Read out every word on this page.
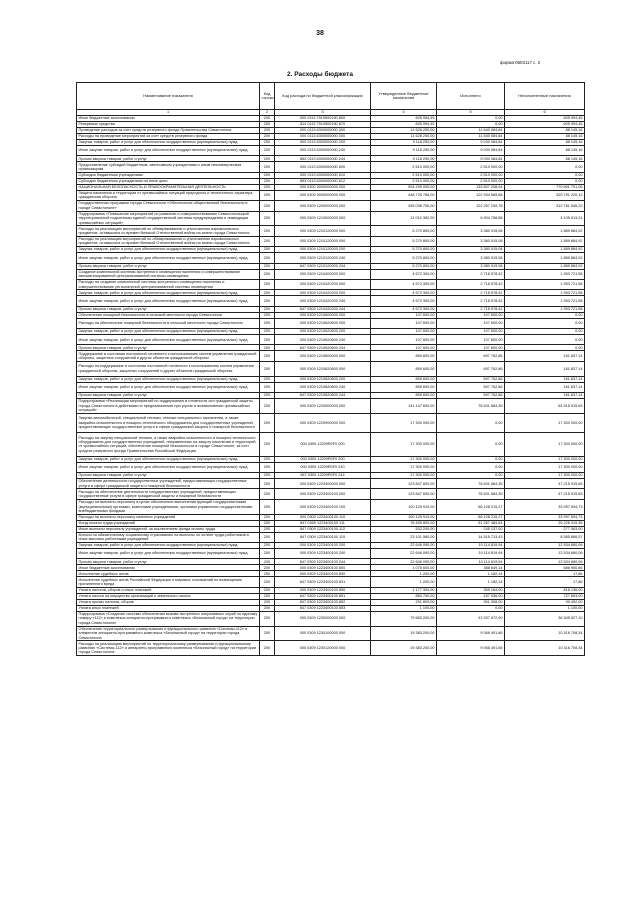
38
форма 0503117 с. 2
2. Расходы бюджета
Наименование показателя	Код строки	Код расхода по бюджетной классификации	Утвержденные бюджетные назначения	Исполнено	Неисполненные назначения
1	2	3	4	5	6
Иные бюджетные ассигнования	200	000 0113 7919500190 800	605 994,45	0,00	605 994,45
Резервные средства	200	814 0113 7919500190 870	605 994,45	0,00	605 994,45
Проведение расходов за счет средств резервного фонда Правительства Севастополя	200	000 0113 6300000000 000	11 628 250,00	11 540 084,84	88 145,16
Расходы на проведение мероприятий за счет средств резервного фонда	200	000 0113 6300000000 000	11 628 250,00	11 540 084,84	88 145,16
Закупка товаров, работ и услуг для обеспечения государственных (муниципальных) нужд	200	000 0113 6300000000 200	9 118 250,00	9 030 084,84	88 145,16
Иные закупки товаров, работ и услуг для обеспечения государственных (муниципальных) нужд	200	000 0113 6300000000 240	9 118 250,00	9 030 084,84	88 145,16
Прочая закупка товаров, работ и услуг	200	852 0113 6300000000 244	9 118 250,00	9 030 084,84	88 145,16
Предоставление субсидий бюджетным, автономным учреждениям и иным некоммерческим организациям	200	000 0113 6300000000 600	2 510 000,00	2 510 000,00	0,00
Субсидии бюджетным учреждениям	200	000 0113 6300000000 610	2 510 000,00	2 510 000,00	0,00
Субсидии бюджетным учреждениям на иные цели	200	853 0113 6300000000 612	2 510 000,00	2 510 000,00	0,00
НАЦИОНАЛЬНАЯ БЕЗОПАСНОСТЬ И ПРАВООХРАНИТЕЛЬНАЯ ДЕЯТЕЛЬНОСТЬ	200	000 0300 0000000000 000	904 299 000,00	133 607 208,94	770 691 791,06
Защита населения и территории от чрезвычайных ситуаций природного и техногенного характера, гражданская оборона	200	000 0309 0000000000 000	448 725 786,00	122 934 565,88	325 791 220,12
Государственная программа города Севастополя «Обеспечение общественной безопасности в городе Севастополе»	200	000 0309 1200000000 000	435 038 706,00	122 257 159,78	312 781 546,22
Подпрограмма «Повышение мероприятий по развитию и совершенствованию Севастопольской территориальной подсистемы единой государственной системы предупреждения и ликвидации чрезвычайных ситуаций»	200	000 0309 1210000000 000	11 010 382,00	6 904 788,88	4 105 613,01
Расходы на реализацию мероприятий по обезвреживанию и уничтожению взрывоопасных предметов, оставшихся со времен Великой Отечественной войны на земли города Севастополя	200	000 0309 1210120000 000	5 270 800,00	3 380 915,08	1 889 884,92
Расходы на реализацию мероприятий по обезвреживанию и уничтожению взрывоопасных предметов, оставшихся со времен Великой Отечественной войны на земли города Севастополя	200	000 0309 1210120000 000	5 270 800,00	3 380 915,08	1 889 884,92
Закупка товаров, работ и услуг для обеспечения государственных (муниципальных) нужд	200	000 0309 1210120000 200	5 270 800,00	3 380 915,08	1 889 884,92
Иные закупки товаров, работ и услуг для обеспечения государственных (муниципальных) нужд	200	000 0309 1210120000 240	5 270 800,00	3 380 915,08	1 889 884,92
Прочая закупка товаров, работ и услуг	200	847 0309 1210120000 244	5 270 800,00	3 380 915,08	1 889 884,92
Создание комплексной системы экстренного оповещения населения и совершенствование автоматизированной централизованной системы оповещения	200	000 0309 1210400000 000	4 672 300,00	2 718 578,42	1 953 721,58
Расходы на создание комплексной системы экстренного оповещения населения и совершенствование региональной централизованной системы оповещения	200	000 0309 1210420200 000	4 672 300,00	2 718 578,42	1 953 721,58
Закупка товаров, работ и услуг для обеспечения государственных (муниципальных) нужд	200	000 0309 1210420200 200	4 672 300,00	2 718 578,42	1 953 721,58
Иные закупки товаров, работ и услуг для обеспечения государственных (муниципальных) нужд	200	000 0309 1210420200 240	4 672 300,00	2 718 578,42	1 953 721,58
Прочая закупка товаров, работ и услуг	200	847 0309 1210420200 244	4 672 300,00	2 718 578,42	1 953 721,58
Обеспечение пожарной безопасности в сельской местности города Севастополя	200	000 0309 1210600000 000	107 600,00	107 600,00	0,00
Расходы на обеспечение пожарной безопасности в сельской местности города Севастополя	200	000 0309 1210620600 000	107 600,00	107 600,00	0,00
Закупка товаров, работ и услуг для обеспечения государственных (муниципальных) нужд	200	000 0309 1210620600 200	107 600,00	107 600,00	0,00
Иные закупки товаров, работ и услуг для обеспечения государственных (муниципальных) нужд	200	000 0309 1210620600 240	107 600,00	107 600,00	0,00
Прочая закупка товаров, работ и услуг	200	847 0309 1210620600 244	107 600,00	107 600,00	0,00
Поддержание в состоянии постоянной готовности к использованию систем управления гражданской обороны, защитных сооружений и других объектов гражданской обороны	200	000 0309 1210800000 000	859 600,00	697 762,86	161 837,14
Расходы на поддержание в состоянии постоянной готовности к использованию систем управления гражданской обороны, защитных сооружений и других объектов гражданской обороны	200	000 0309 1210820800 000	859 600,00	697 762,86	161 837,14
Закупка товаров, работ и услуг для обеспечения государственных (муниципальных) нужд	200	000 0309 1210820800 200	859 600,00	697 762,86	161 837,14
Иные закупки товаров, работ и услуг для обеспечения государственных (муниципальных) нужд	200	000 0309 1210820800 240	859 600,00	697 762,86	161 837,14
Прочая закупка товаров, работ и услуг	200	847 0309 1210820800 244	859 600,00	697 762,86	161 837,14
Подпрограмма «Реализация мероприятий по поддержанию в готовности сил гражданской защиты города Севастополя в действиям по предназначению при угрозе и возникновении чрезвычайных ситуаций»	200	000 0309 1220000000 000	141 147 600,00	76 631 684,35	64 515 915,65
Закупки автомобильной, специальной техники, техники специального назначения, а также аварийно-спасательного и пожарно-технического оборудования для государственных учреждений, предоставляющих государственные услуги в сфере гражданской защиты и пожарной безопасности	200	000 0309 1220900000 000	17 300 000,00	0,00	17 300 000,00
Расходы на закупку специальной техники, а также аварийно-спасательного и пожарно-технического оборудования для государственных учреждений, направленных на защиту населения и территорий от чрезвычайных ситуаций, обеспечение пожарной безопасности в городе Севастополе, за счет средств резервного фонда Правительства Российской Федерации	200	000 0309 12209R0F0 000	17 300 000,00	0,00	17 300 000,00
Закупка товаров, работ и услуг для обеспечения государственных (муниципальных) нужд	200	000 0309 12209R0F0 200	17 300 000,00	0,00	17 300 000,00
Иные закупки товаров, работ и услуг для обеспечения государственных (муниципальных) нужд	200	000 0309 12209R0F0 240	17 300 000,00	0,00	17 300 000,00
Прочая закупка товаров, работ и услуг	200	847 0309 12209R0F0 244	17 300 000,00	0,00	17 300 000,00
Обеспечение деятельности государственных учреждений, предоставляющих государственные услуги в сфере гражданской защиты и пожарной безопасности	200	000 0309 1223400000 000	123 847 600,00	76 631 684,35	47 215 915,65
Расходы на обеспечение деятельности государственных учреждений, предоставляющих государственные услуги в сфере гражданской защиты и пожарной безопасности	200	000 0309 1223400100 000	123 847 600,00	76 631 684,35	47 215 915,65
Расходы на выплаты персоналу в целях обеспечения выполнения функций государственными (муниципальными) органами, казенными учреждениями, органами управления государственными внебюджетными фондами	200	000 0309 1223400100 100	100 125 910,00	66 128 215,27	33 997 694,73
Расходы на выплаты персоналу казенных учреждений	200	000 0309 1223400100 110	100 125 910,00	66 128 215,27	33 997 694,73
Фонд оплаты труда учреждений	200	847 0309 1223400100 111	76 495 800,00	51 267 484,64	25 228 315,36
Иные выплаты персоналу учреждений, за исключением фонда оплаты труда	200	847 0309 1223400100 112	532 200,00	245 137,00	277 063,00
Взносы по обязательному социальному страхованию на выплаты по оплате труда работников и иные выплаты работникам учреждений	200	847 0309 1223400100 119	23 101 580,00	14 515 713,43	8 585 866,57
Закупка товаров, работ и услуг для обеспечения государственных (муниципальных) нужд	200	000 0309 1223400100 200	22 646 090,00	10 114 819,94	12 534 680,06
Иные закупки товаров, работ и услуг для обеспечения государственных (муниципальных) нужд	200	000 0309 1223400100 240	22 646 090,00	10 114 819,94	12 534 680,06
Прочая закупка товаров, работ и услуг	200	847 0309 1223400100 244	22 646 090,00	10 114 819,94	12 534 680,06
Иные бюджетные ассигнования	200	000 0309 1223400100 800	1 075 600,00	388 649,14	686 950,86
Исполнение судебных актов	200	000 0309 1223400100 830	1 200,00	1 182,14	17,86
Исполнение судебных актов Российской Федерации и мировых соглашений по возмещению причиненного вреда	200	847 0309 1223400100 831	1 200,00	1 182,14	17,86
Уплата налогов, сборов и иных платежей	200	000 0309 1223400100 850	1 177 300,00	359 164,00	818 136,00
Уплата налога на имущество организаций и земельного налога	200	847 0309 1223400100 851	884 700,00	157 036,00	727 663,00
Уплата прочих налогов, сборов	200	847 0309 1223400100 852	291 800,00	301 308,00	90 492,00
Уплата иных платежей	200	847 0309 1223400100 853	1 100,00	0,00	1 100,00
Подпрограмма «Создание системы обеспечения вызова экстренных оперативных служб по единому номеру «112» и комплекса аппаратно-программного комплекса «Безопасный город» на территории города Севастополя»	200	000 0309 1230000000 000	79 683 200,00	43 337 672,90	36 345 527,10
Обеспечение территориального развертывания и функционального развития «Системы-112» и элементов аппаратно-программного комплекса «Безопасный город» на территории города Севастополя	200	000 0309 1230100000 000	19 383 200,00	9 066 491,66	10 316 708,34
Расходы на реализацию мероприятий по территориальному развертыванию и функциональному развитию «Системы-112» и аппаратно-программного комплекса «Безопасный город» на территории города Севастополя	200	000 0309 1230120000 000	19 383 200,00	9 066 491,66	10 316 708,34
